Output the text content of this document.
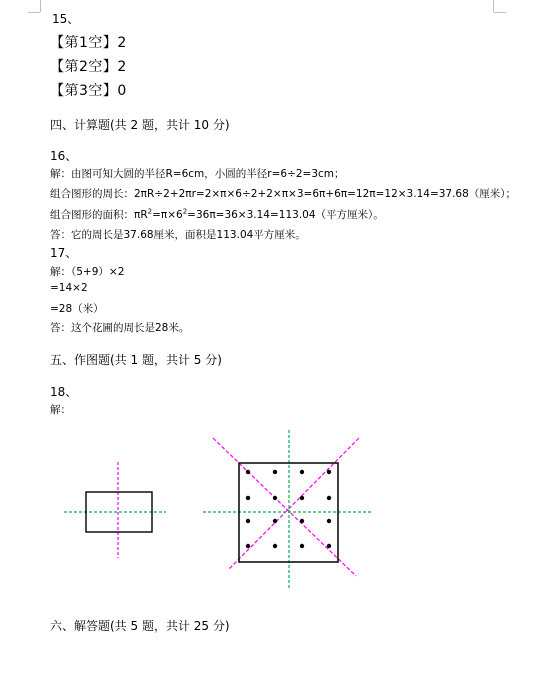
15、
【第1空】2
【第2空】2
【第3空】0
四、计算题(共 2 题，共计 10 分)
16、
解：由图可知大圆的半径R=6cm，小圆的半径r=6÷2=3cm；
组合图形的周长：2πR÷2+2πr=2×π×6÷2+2×π×3=6π+6π=12π=12×3.14=37.68（厘米）；
组合图形的面积：$\pi R^2=\pi\times 6^2=36\pi=36\times 3.14=113.04$（平方厘米）。
答：它的周长是37.68厘米，面积是113.04平方厘米。
17、
解：（5+9）×2
=14×2
=28（米）
答：这个花圃的周长是28米。
五、作图题(共 1 题，共计 5 分)
18、
解：
六、解答题(共 5 题，共计 25 分)
